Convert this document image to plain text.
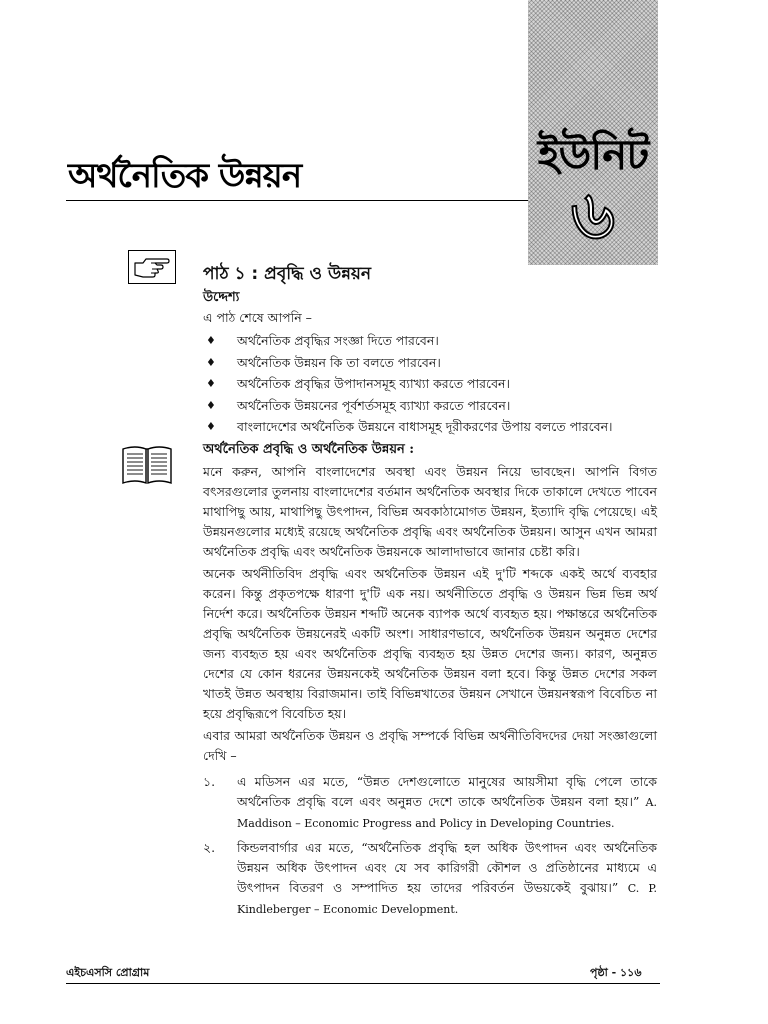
ইউনিট
৬
অর্থনৈতিক উন্নয়ন
পাঠ ১ : প্রবৃদ্ধি ও উন্নয়ন
উদ্দেশ্য

এ পাঠ শেষে আপনি –

♦ অর্থনৈতিক প্রবৃদ্ধির সংজ্ঞা দিতে পারবেন।
♦ অর্থনৈতিক উন্নয়ন কি তা বলতে পারবেন।
♦ অর্থনৈতিক প্রবৃদ্ধির উপাদানসমূহ ব্যাখ্যা করতে পারবেন।
♦ অর্থনৈতিক উন্নয়নের পূর্বশর্তসমূহ ব্যাখ্যা করতে পারবেন।
♦ বাংলাদেশের অর্থনৈতিক উন্নয়নে বাধাসমূহ দূরীকরণের উপায় বলতে পারবেন।
অর্থনৈতিক প্রবৃদ্ধি ও অর্থনৈতিক উন্নয়ন :

মনে করুন, আপনি বাংলাদেশের অবস্থা এবং উন্নয়ন নিয়ে ভাবছেন। আপনি বিগত বৎসরগুলোর তুলনায় বাংলাদেশের বর্তমান অর্থনৈতিক অবস্থার দিকে তাকালে দেখতে পাবেন মাথাপিছু আয়, মাথাপিছু উৎপাদন, বিভিন্ন অবকাঠামোগত উন্নয়ন, ইত্যাদি বৃদ্ধি পেয়েছে। এই উন্নয়নগুলোর মধ্যেই রয়েছে অর্থনৈতিক প্রবৃদ্ধি এবং অর্থনৈতিক উন্নয়ন। আসুন এখন আমরা অর্থনৈতিক প্রবৃদ্ধি এবং অর্থনৈতিক উন্নয়নকে আলাদাভাবে জানার চেষ্টা করি।

অনেক অর্থনীতিবিদ প্রবৃদ্ধি এবং অর্থনৈতিক উন্নয়ন এই দু'টি শব্দকে একই অর্থে ব্যবহার করেন। কিন্তু প্রকৃতপক্ষে ধারণা দু'টি এক নয়। অর্থনীতিতে প্রবৃদ্ধি ও উন্নয়ন ভিন্ন ভিন্ন অর্থ নির্দেশ করে। অর্থনৈতিক উন্নয়ন শব্দটি অনেক ব্যাপক অর্থে ব্যবহৃত হয়। পক্ষান্তরে অর্থনৈতিক প্রবৃদ্ধি অর্থনৈতিক উন্নয়নেরই একটি অংশ। সাধারণভাবে, অর্থনৈতিক উন্নয়ন অনুন্নত দেশের জন্য ব্যবহৃত হয় এবং অর্থনৈতিক প্রবৃদ্ধি ব্যবহৃত হয় উন্নত দেশের জন্য। কারণ, অনুন্নত দেশের যে কোন ধরনের উন্নয়নকেই অর্থনৈতিক উন্নয়ন বলা হবে। কিন্তু উন্নত দেশের সকল খাতই উন্নত অবস্থায় বিরাজমান। তাই বিভিন্নখাতের উন্নয়ন সেখানে উন্নয়নস্বরূপ বিবেচিত না হয়ে প্রবৃদ্ধিরূপে বিবেচিত হয়।

এবার আমরা অর্থনৈতিক উন্নয়ন ও প্রবৃদ্ধি সম্পর্কে বিভিন্ন অর্থনীতিবিদদের দেয়া সংজ্ঞাগুলো দেখি –

১. এ মডিসন এর মতে, “উন্নত দেশগুলোতে মানুষের আয়সীমা বৃদ্ধি পেলে তাকে অর্থনৈতিক প্রবৃদ্ধি বলে এবং অনুন্নত দেশে তাকে অর্থনৈতিক উন্নয়ন বলা হয়।” A. Maddison – Economic Progress and Policy in Developing Countries.
২. কিন্ডলবার্গার এর মতে, “অর্থনৈতিক প্রবৃদ্ধি হল অধিক উৎপাদন এবং অর্থনৈতিক উন্নয়ন অধিক উৎপাদন এবং যে সব কারিগরী কৌশল ও প্রতিষ্ঠানের মাধ্যমে এ উৎপাদন বিতরণ ও সম্পাদিত হয় তাদের পরিবর্তন উভয়কেই বুঝায়।” C. P. Kindleberger – Economic Development.
এইচএসসি প্রোগ্রাম	পৃষ্ঠা - ১১৬
